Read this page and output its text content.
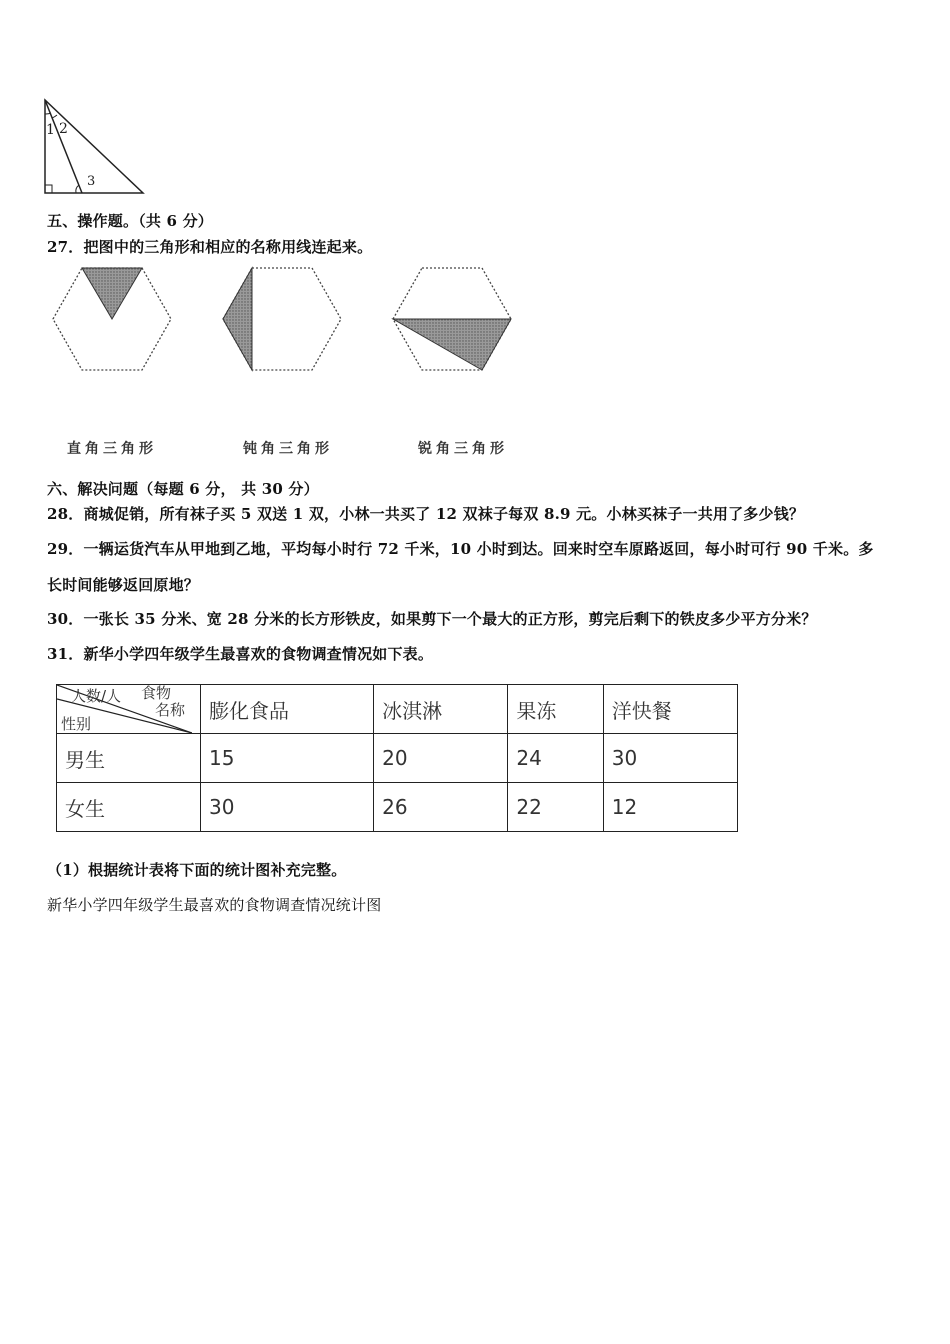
1 2
3
五、操作题。（共 6 分）
27．把图中的三角形和相应的名称用线连起来。
直角三角形	钝角三角形	锐角三角形
六、解决问题（每题 6 分， 共 30 分）
28．商城促销，所有袜子买 5 双送 1 双，小林一共买了 12 双袜子每双 8.9 元。小林买袜子一共用了多少钱？
29．一辆运货汽车从甲地到乙地，平均每小时行 72 千米，10 小时到达。回来时空车原路返回，每小时可行 90 千米。多
长时间能够返回原地？
30．一张长 35 分米、宽 28 分米的长方形铁皮，如果剪下一个最大的正方形，剪完后剩下的铁皮多少平方分米？
31．新华小学四年级学生最喜欢的食物调查情况如下表。
人数/人 食物
名称
性别	膨化食品	冰淇淋	果冻	洋快餐
男生	15	20	24	30
女生	30	26	22	12
（1）根据统计表将下面的统计图补充完整。
新华小学四年级学生最喜欢的食物调查情况统计图
